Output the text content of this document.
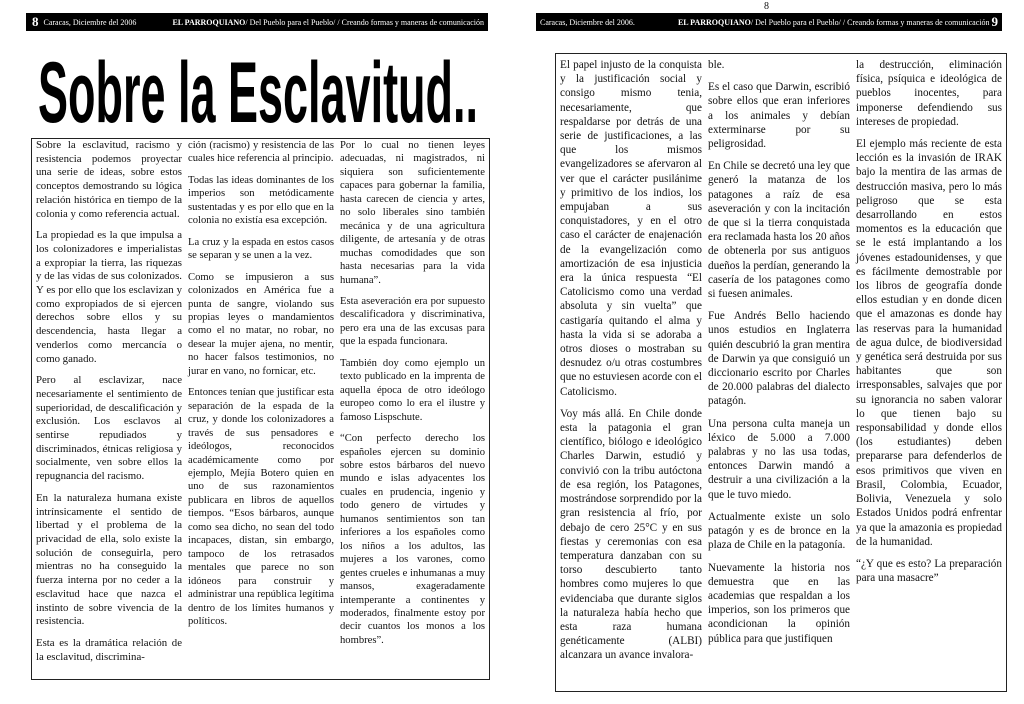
8 Caracas, Diciembre del 2006	EL PARROQUIANO / Del Pueblo para el Pueblo/ / Creando formas y maneras de comunicación
Sobre la Esclavitud..

Sobre la esclavitud, racismo y resistencia podemos proyectar una serie de ideas, sobre estos conceptos demostrando su lógica relación histórica en tiempo de la colonia y como referencia actual.

La propiedad es la que impulsa a los colonizadores e imperialistas a expropiar la tierra, las riquezas y de las vidas de sus colonizados. Y es por ello que los esclavizan y como expropiados de si ejercen derechos sobre ellos y su descendencia, hasta llegar a venderlos como mercancía o como ganado.

Pero al esclavizar, nace necesariamente el sentimiento de superioridad, de descalificación y exclusión. Los esclavos al sentirse repudiados y discriminados, étnicas religiosa y socialmente, ven sobre ellos la repugnancia del racismo.

En la naturaleza humana existe intrínsicamente el sentido de libertad y el problema de la privacidad de ella, solo existe la solución de conseguirla, pero mientras no ha conseguido la fuerza interna por no ceder a la esclavitud hace que nazca el instinto de sobre vivencia de la resistencia.

Esta es la dramática relación de la esclavitud, discrimina-

ción (racismo) y resistencia de las cuales hice referencia al principio.

Todas las ideas dominantes de los imperios son metódicamente sustentadas y es por ello que en la colonia no existía esa excepción.

La cruz y la espada en estos casos se separan y se unen a la vez.

Como se impusieron a sus colonizados en América fue a punta de sangre, violando sus propias leyes o mandamientos como el no matar, no robar, no desear la mujer ajena, no mentir, no hacer falsos testimonios, no jurar en vano, no fornicar, etc.

Entonces tenían que justificar esta separación de la espada de la cruz, y donde los colonizadores a través de sus pensadores e ideólogos, reconocidos académicamente como por ejemplo, Mejía Botero quien en uno de sus razonamientos publicara en libros de aquellos tiempos. “Esos bárbaros, aunque como sea dicho, no sean del todo incapaces, distan, sin embargo, tampoco de los retrasados mentales que parece no son idóneos para construir y administrar una república legítima dentro de los límites humanos y políticos.

Por lo cual no tienen leyes adecuadas, ni magistrados, ni siquiera son suficientemente capaces para gobernar la familia, hasta carecen de ciencia y artes, no solo liberales sino también mecánica y de una agricultura diligente, de artesanía y de otras muchas comodidades que son hasta necesarias para la vida humana”.

Esta aseveración era por supuesto descalificadora y discriminativa, pero era una de las excusas para que la espada funcionara.

También doy como ejemplo un texto publicado en la imprenta de aquella época de otro ideólogo europeo como lo era el ilustre y famoso Lispschute.

“Con perfecto derecho los españoles ejercen su dominio sobre estos bárbaros del nuevo mundo e islas adyacentes los cuales en prudencia, ingenio y todo genero de virtudes y humanos sentimientos son tan inferiores a los españoles como los niños a los adultos, las mujeres a los varones, como gentes crueles e inhumanas a muy mansos, exageradamente intemperante a continentes y moderados, finalmente estoy por decir cuantos los monos a los hombres”.

8
Caracas, Diciembre del 2006.	EL PARROQUIANO / Del Pueblo para el Pueblo/ / Creando formas y maneras de comunicación 9

El papel injusto de la conquista y la justificación social y consigo mismo tenia, necesariamente, que respaldarse por detrás de una serie de justificaciones, a las que los mismos evangelizadores se afervaron al ver que el carácter pusilánime y primitivo de los indios, los empujaban a sus conquistadores, y en el otro caso el carácter de enajenación de la evangelización como amortización de esa injusticia era la única respuesta “El Catolicismo como una verdad absoluta y sin vuelta” que castigaría quitando el alma y hasta la vida si se adoraba a otros dioses o mostraban su desnudez o/u otras costumbres que no estuviesen acorde con el Catolicismo.

Voy más allá. En Chile donde esta la patagonia el gran científico, biólogo e ideológico Charles Darwin, estudió y convivió con la tribu autóctona de esa región, los Patagones, mostrándose sorprendido por la gran resistencia al frío, por debajo de cero 25°C y en sus fiestas y ceremonias con esa temperatura danzaban con su torso descubierto tanto hombres como mujeres lo que evidenciaba que durante siglos la naturaleza había hecho que esta raza humana genéticamente (ALBI) alcanzara un avance invalora-

ble.

Es el caso que Darwin, escribió sobre ellos que eran inferiores a los animales y debían exterminarse por su peligrosidad.

En Chile se decretó una ley que generó la matanza de los patagones a raíz de esa aseveración y con la incitación de que si la tierra conquistada era reclamada hasta los 20 años de obtenerla por sus antiguos dueños la perdían, generando la casería de los patagones como si fuesen animales.

Fue Andrés Bello haciendo unos estudios en Inglaterra quién descubrió la gran mentira de Darwin ya que consiguió un diccionario escrito por Charles de 20.000 palabras del dialecto patagón.

Una persona culta maneja un léxico de 5.000 a 7.000 palabras y no las usa todas, entonces Darwin mandó a destruir a una civilización a la que le tuvo miedo.

Actualmente existe un solo patagón y es de bronce en la plaza de Chile en la patagonía.

Nuevamente la historia nos demuestra que en las academias que respaldan a los imperios, son los primeros que acondicionan la opinión pública para que justifiquen

la destrucción, eliminación física, psíquica e ideológica de pueblos inocentes, para imponerse defendiendo sus intereses de propiedad.

El ejemplo más reciente de esta lección es la invasión de IRAK bajo la mentira de las armas de destrucción masiva, pero lo más peligroso que se esta desarrollando en estos momentos es la educación que se le está implantando a los jóvenes estadounidenses, y que es fácilmente demostrable por los libros de geografía donde ellos estudian y en donde dicen que el amazonas es donde hay las reservas para la humanidad de agua dulce, de biodiversidad y genética será destruida por sus habitantes que son irresponsables, salvajes que por su ignorancia no saben valorar lo que tienen bajo su responsabilidad y donde ellos (los estudiantes) deben prepararse para defenderlos de esos primitivos que viven en Brasil, Colombia, Ecuador, Bolivia, Venezuela y solo Estados Unidos podrá enfrentar ya que la amazonia es propiedad de la humanidad.

“¿Y que es esto? La preparación para una masacre”
